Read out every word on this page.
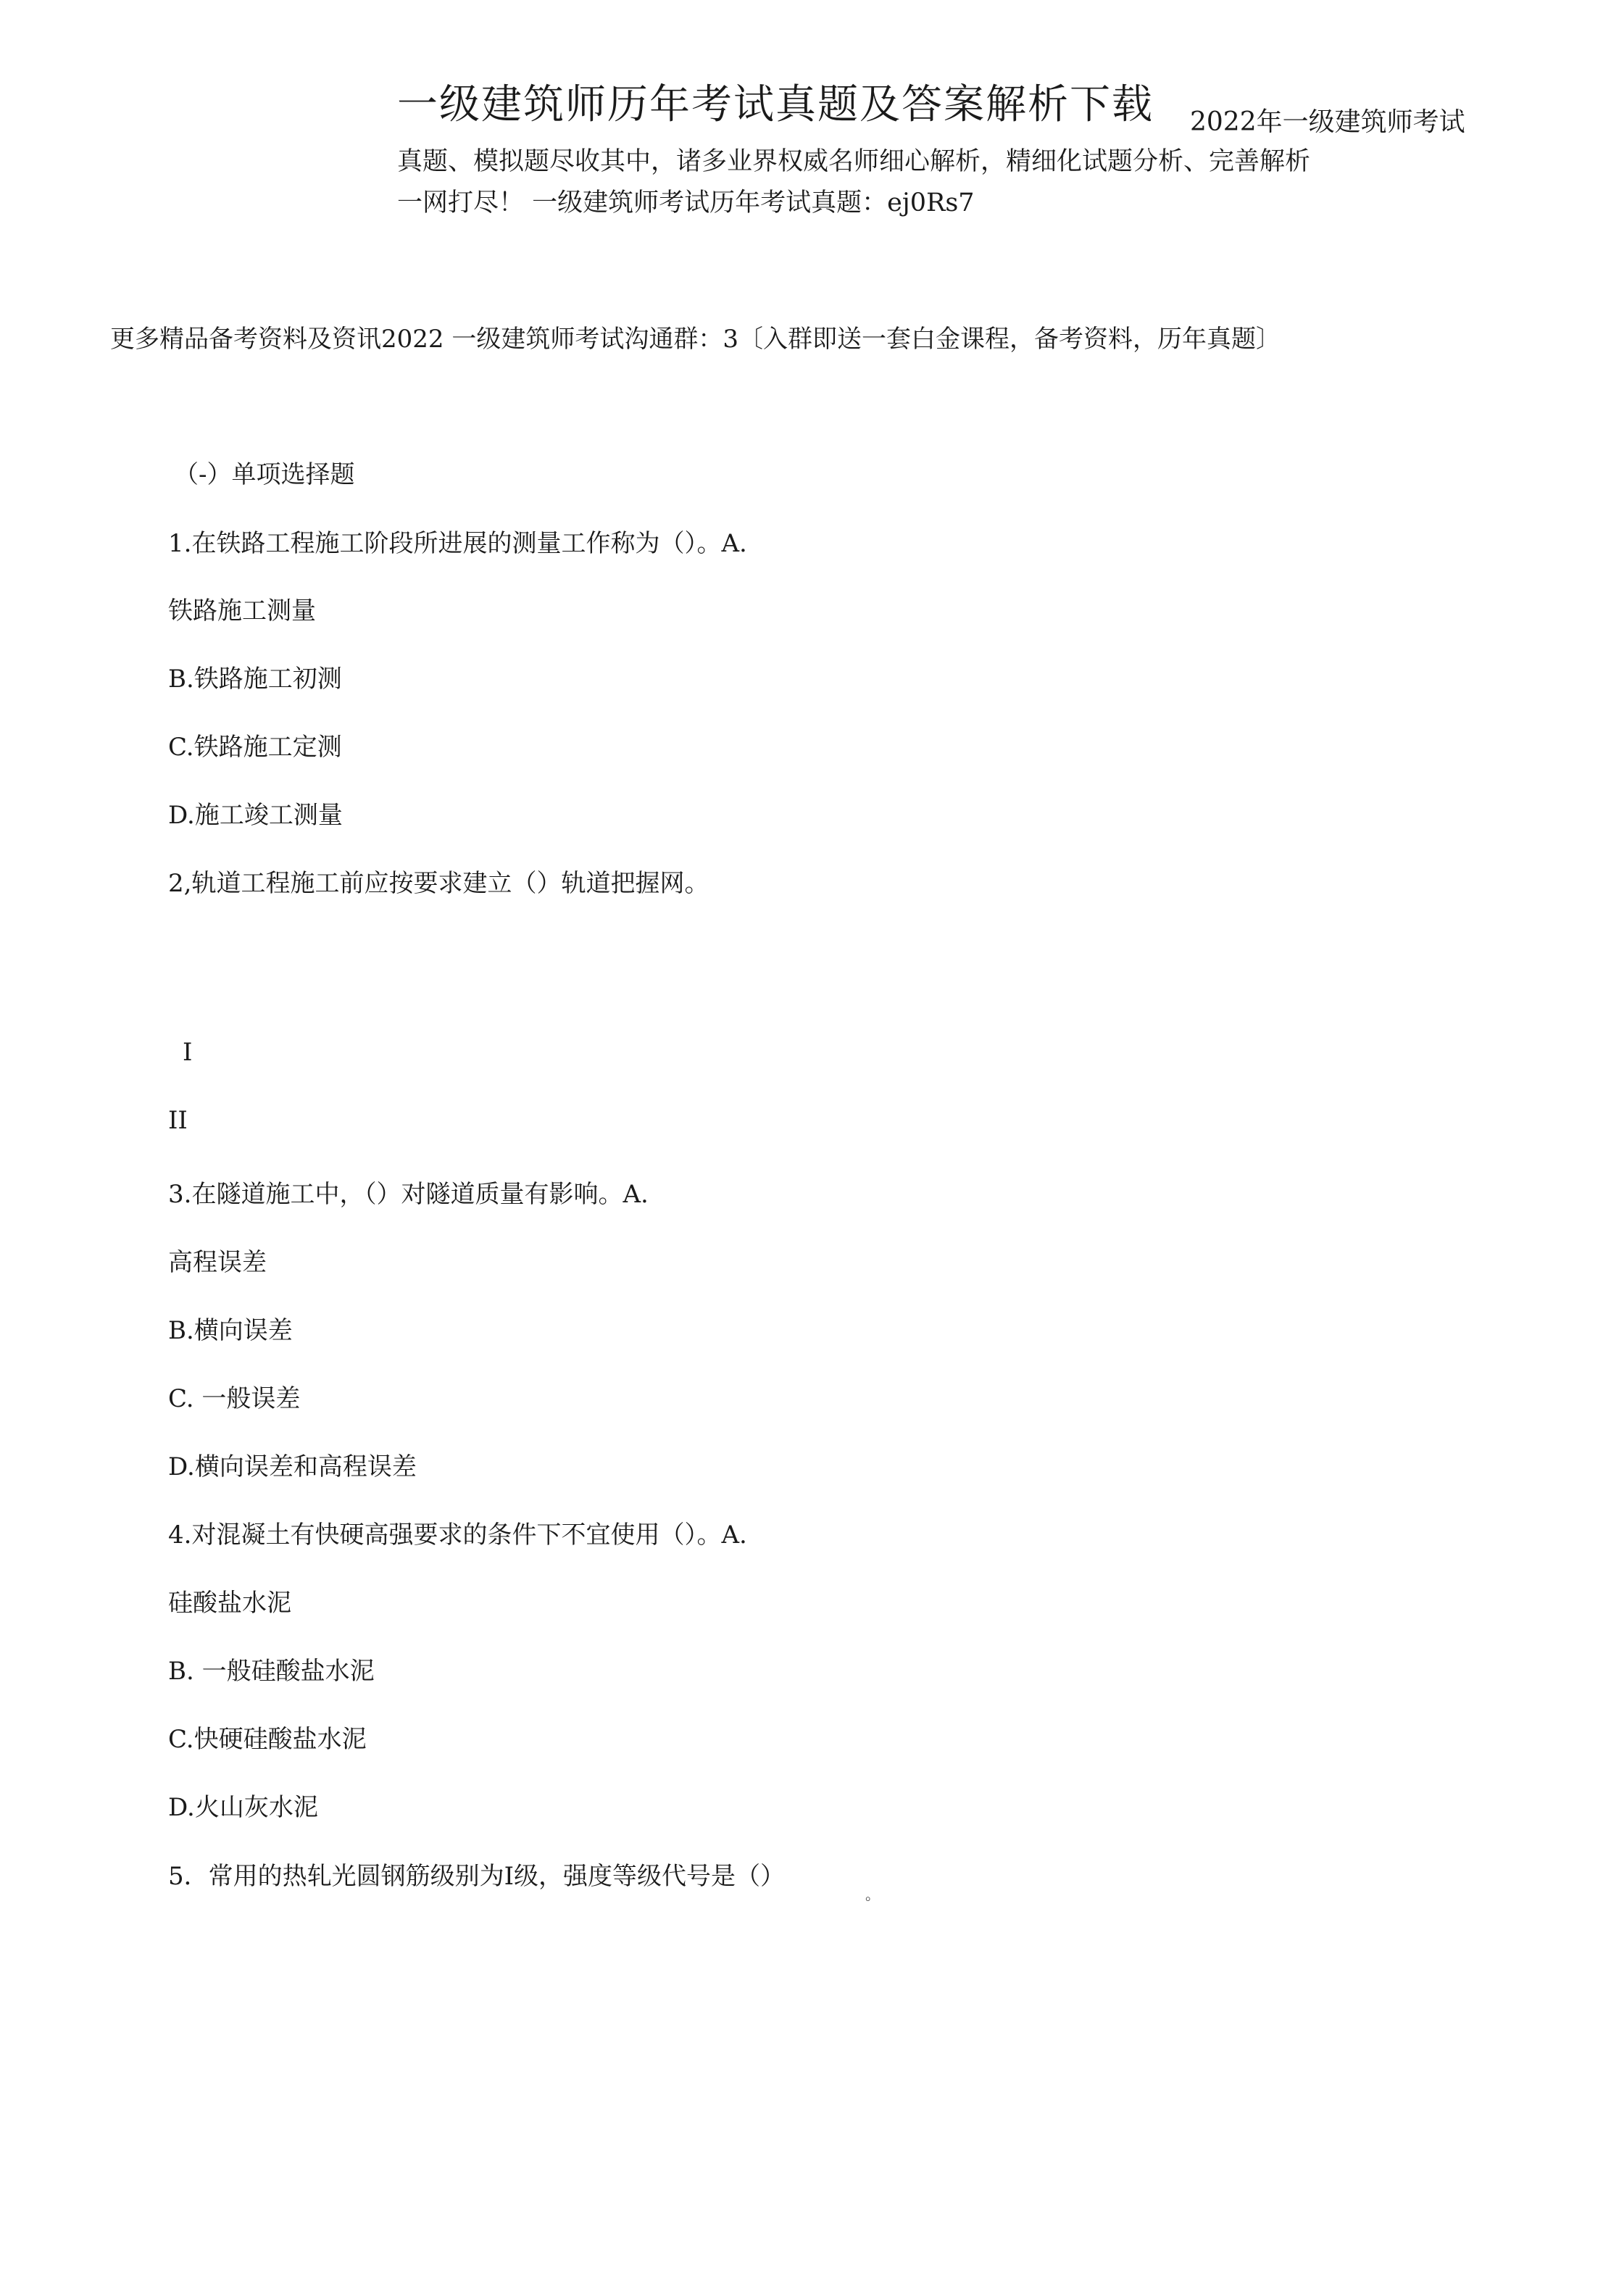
一级建筑师历年考试真题及答案解析下载 2022年一级建筑师考试
真题、模拟题尽收其中，诸多业界权威名师细心解析，精细化试题分析、完善解析
一网打尽！ 一级建筑师考试历年考试真题：ej0Rs7
更多精品备考资料及资讯2022 一级建筑师考试沟通群：3〔入群即送一套白金课程，备考资料，历年真题〕
（-）单项选择题
1.在铁路工程施工阶段所进展的测量工作称为（）。A.
铁路施工测量
B.铁路施工初测
C.铁路施工定测
D.施工竣工测量
2,轨道工程施工前应按要求建立（）轨道把握网。
I
II
3.在隧道施工中，（）对隧道质量有影响。A.
高程误差
B.横向误差
C. 一般误差
D.横向误差和高程误差
4.对混凝土有快硬高强要求的条件下不宜使用（）。A.
硅酸盐水泥
B. 一般硅酸盐水泥
C.快硬硅酸盐水泥
D.火山灰水泥
5．常用的热轧光圆钢筋级别为Ⅰ级，强度等级代号是（）
。
